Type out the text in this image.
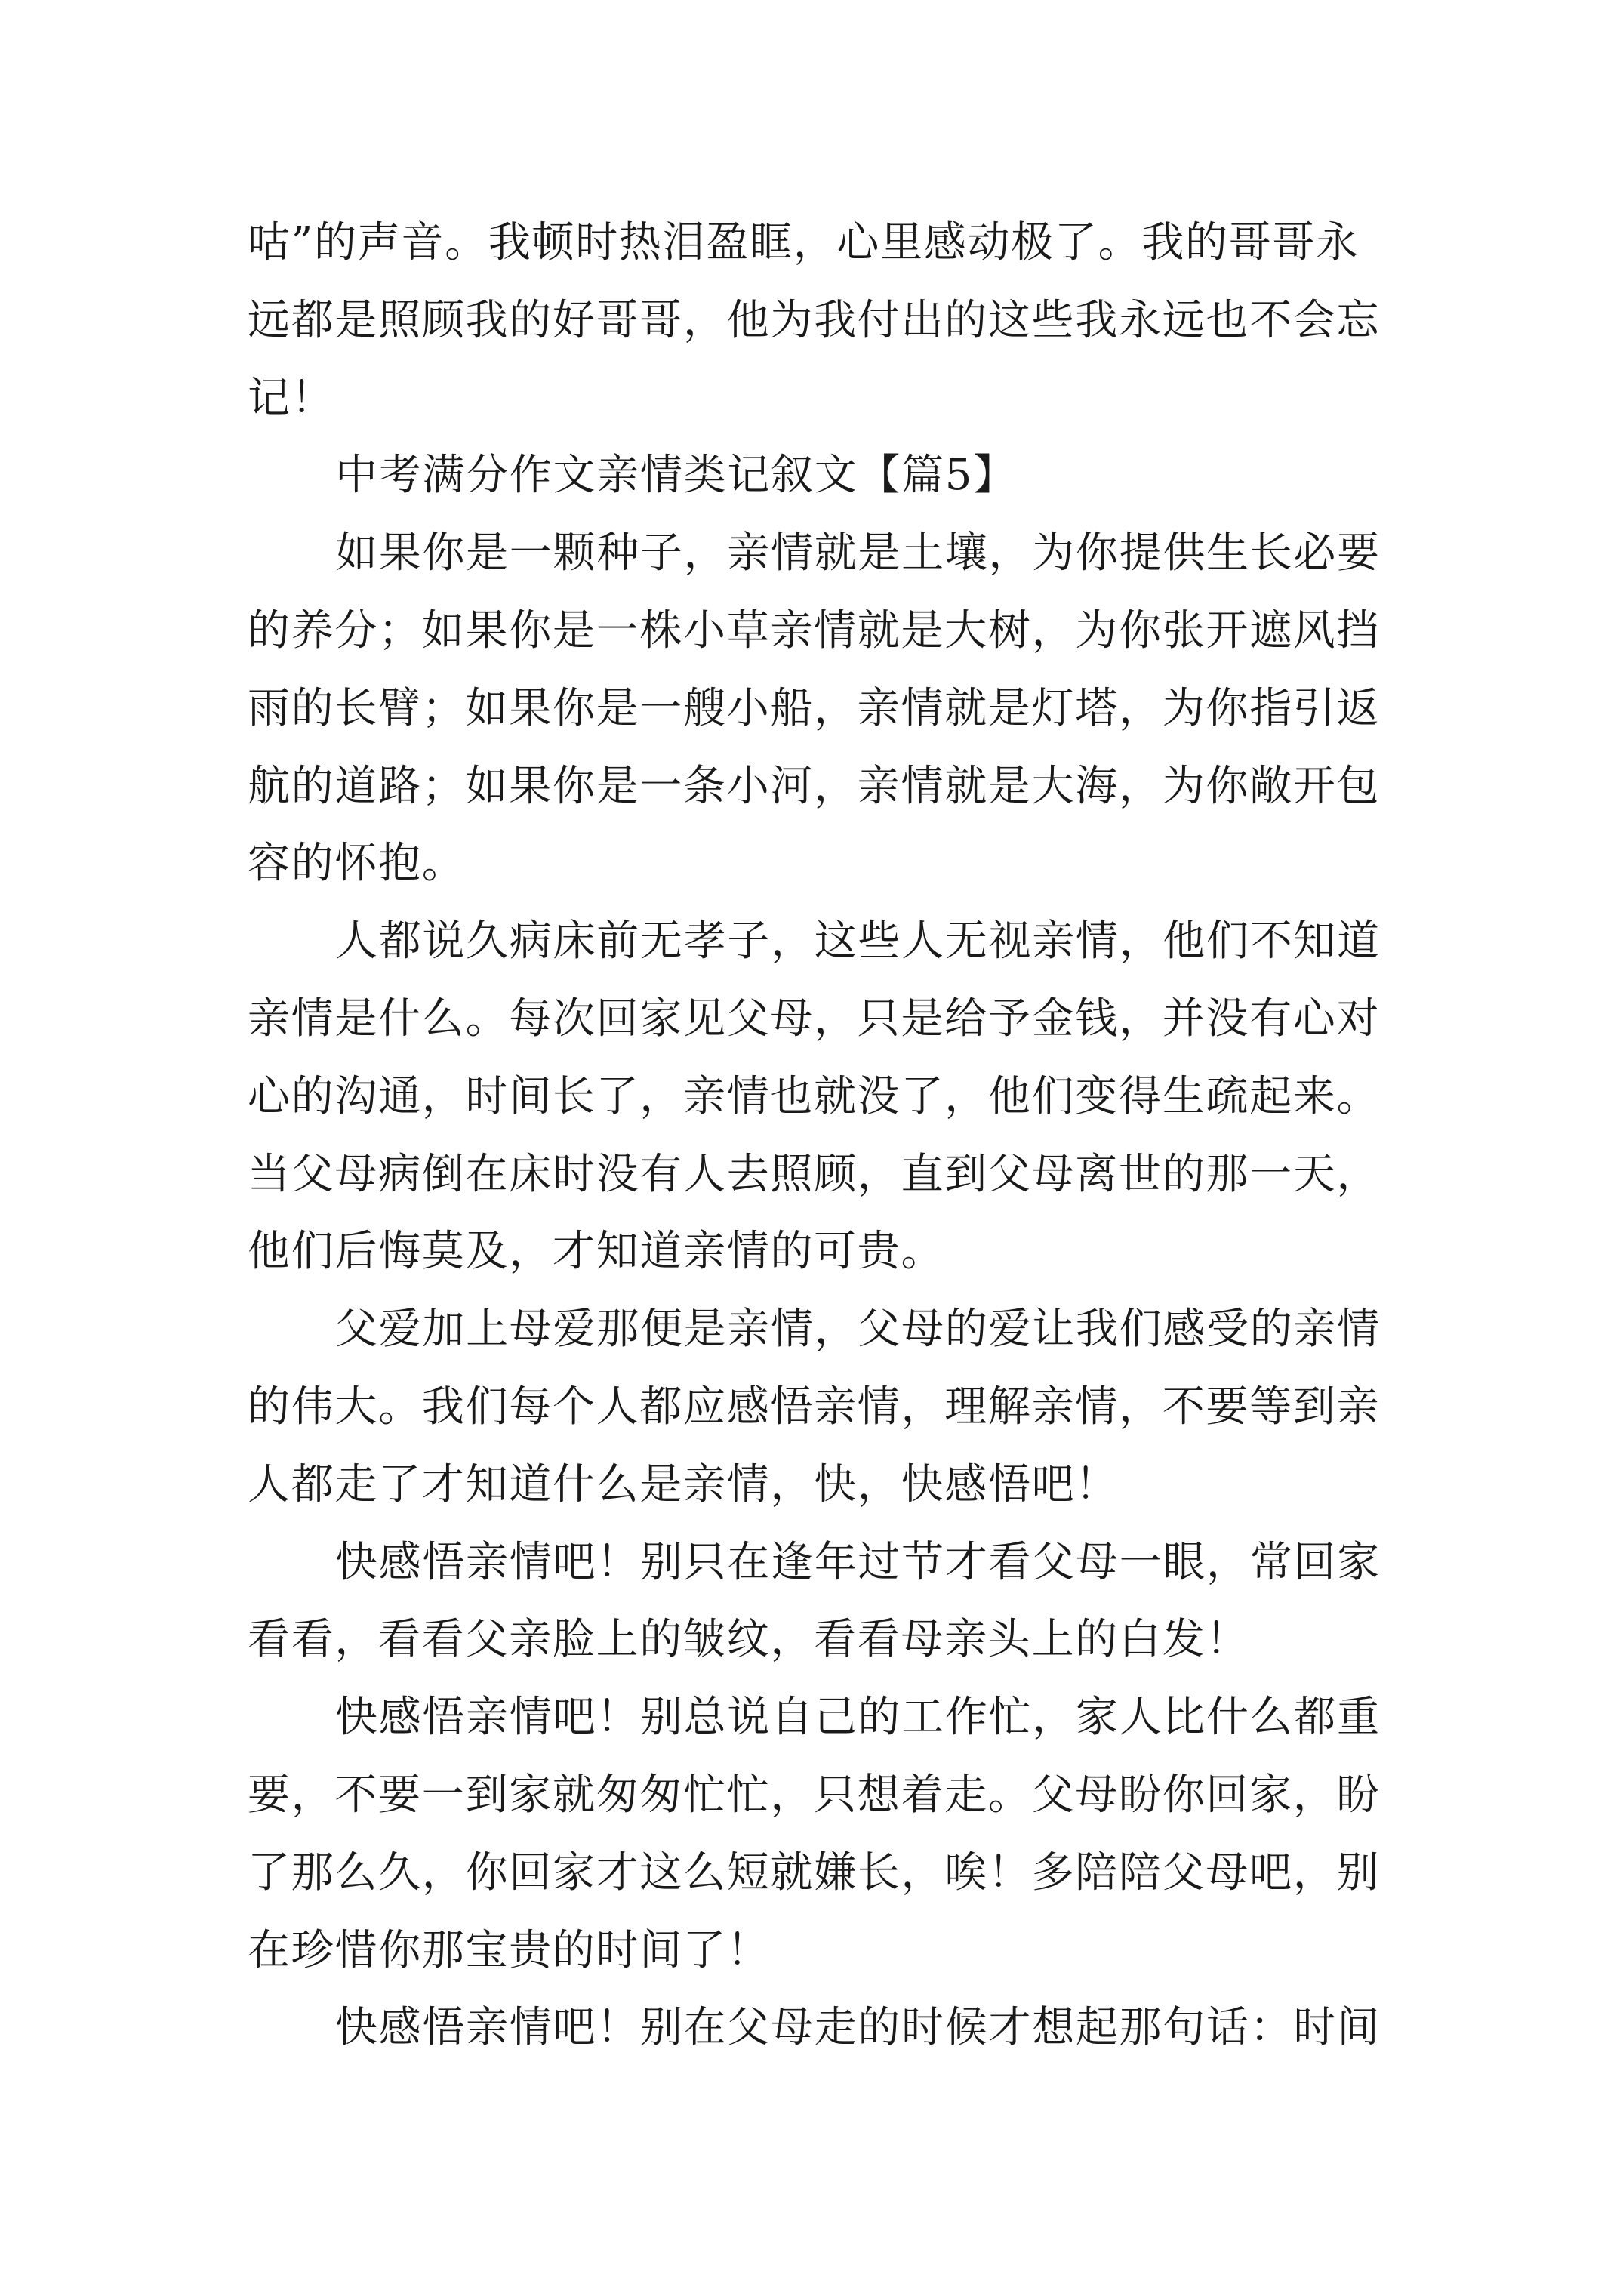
咕”的声音。我顿时热泪盈眶，心里感动极了。我的哥哥永
远都是照顾我的好哥哥，他为我付出的这些我永远也不会忘
记！
中考满分作文亲情类记叙文【篇5】
如果你是一颗种子，亲情就是土壤，为你提供生长必要
的养分；如果你是一株小草亲情就是大树，为你张开遮风挡
雨的长臂；如果你是一艘小船，亲情就是灯塔，为你指引返
航的道路；如果你是一条小河，亲情就是大海，为你敞开包
容的怀抱。
人都说久病床前无孝子，这些人无视亲情，他们不知道
亲情是什么。每次回家见父母，只是给予金钱，并没有心对
心的沟通，时间长了，亲情也就没了，他们变得生疏起来。
当父母病倒在床时没有人去照顾，直到父母离世的那一天，
他们后悔莫及，才知道亲情的可贵。
父爱加上母爱那便是亲情，父母的爱让我们感受的亲情
的伟大。我们每个人都应感悟亲情，理解亲情，不要等到亲
人都走了才知道什么是亲情，快，快感悟吧！
快感悟亲情吧！别只在逢年过节才看父母一眼，常回家
看看，看看父亲脸上的皱纹，看看母亲头上的白发！
快感悟亲情吧！别总说自己的工作忙，家人比什么都重
要，不要一到家就匆匆忙忙，只想着走。父母盼你回家，盼
了那么久，你回家才这么短就嫌长，唉！多陪陪父母吧，别
在珍惜你那宝贵的时间了！
快感悟亲情吧！别在父母走的时候才想起那句话：时间
